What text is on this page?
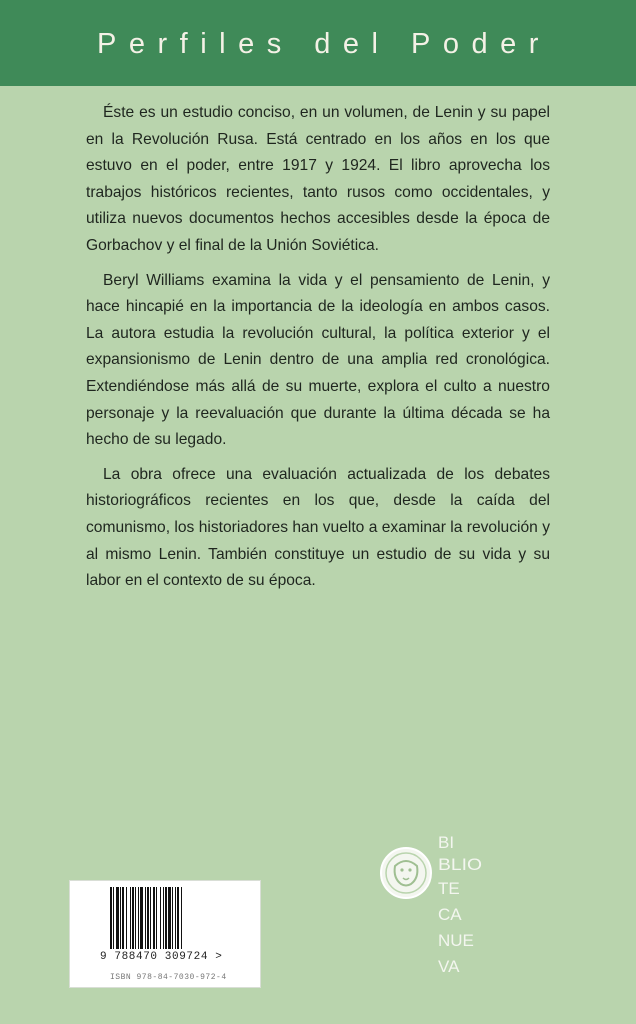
Perfiles del Poder

Éste es un estudio conciso, en un volumen, de Lenin y su papel en la Revolución Rusa. Está centrado en los años en los que estuvo en el poder, entre 1917 y 1924. El libro aprovecha los trabajos históricos recientes, tanto rusos como occidentales, y utiliza nuevos documentos hechos accesibles desde la época de Gorbachov y el final de la Unión Soviética.

Beryl Williams examina la vida y el pensamiento de Lenin, y hace hincapié en la importancia de la ideología en ambos casos. La autora estudia la revolución cultural, la política exterior y el expansionismo de Lenin dentro de una amplia red cronológica. Extendiéndose más allá de su muerte, explora el culto a nuestro personaje y la reevaluación que durante la última década se ha hecho de su legado.

La obra ofrece una evaluación actualizada de los debates historiográficos recientes en los que, desde la caída del comunismo, los historiadores han vuelto a examinar la revolución y al mismo Lenin. También constituye un estudio de su vida y su labor en el contexto de su época.

9 788470 309724 >
ISBN 978-84-7030-972-4
BI
BLIO
TE
CA
NUE
VA
